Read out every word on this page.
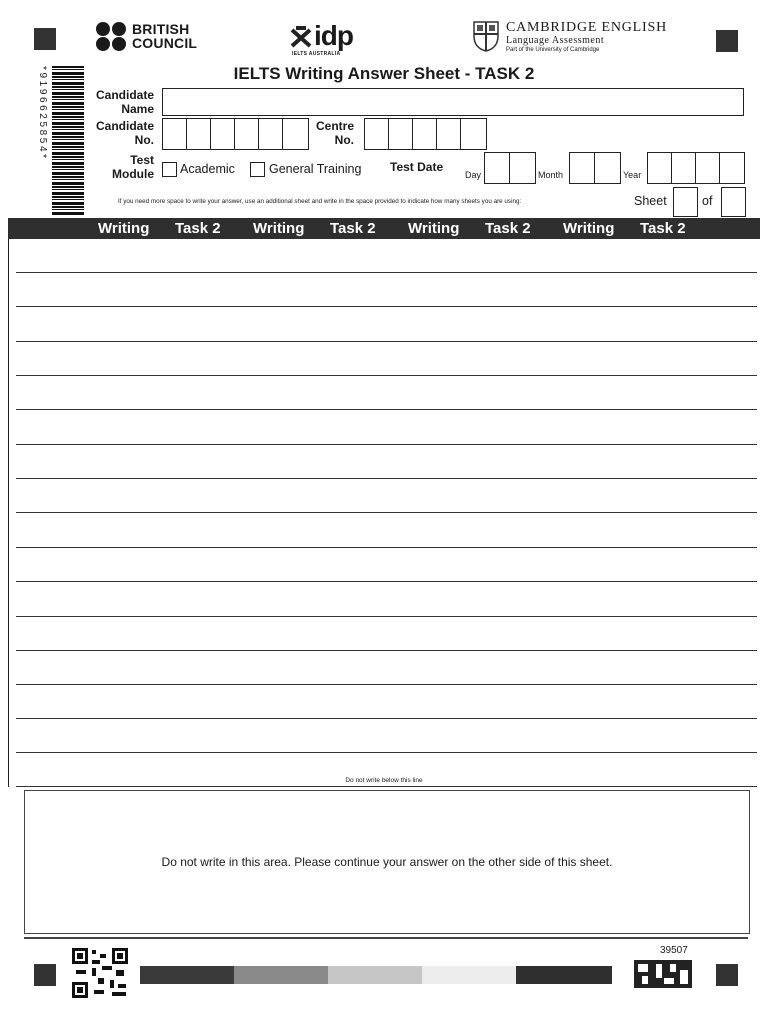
BRITISH
COUNCIL	idp
IELTS AUSTRALIA
CAMBRIDGE ENGLISH
Language Assessment
Part of the University of Cambridge
*919662585​4*	IELTS Writing Answer Sheet - TASK 2
Candidate
Name
Candidate
No.
Centre
No.
Test
Module Academic	General Training Test Date
Day	Month	Year
If you need more space to write your answer, use an additional sheet and write in the space provided to indicate how many sheets you are using:	Sheet	of
Writing	Task 2	Writing	Task 2	Writing	Task 2	Writing	Task 2
Do not write below this line
Do not write in this area. Please continue your answer on the other side of this sheet.
39507
